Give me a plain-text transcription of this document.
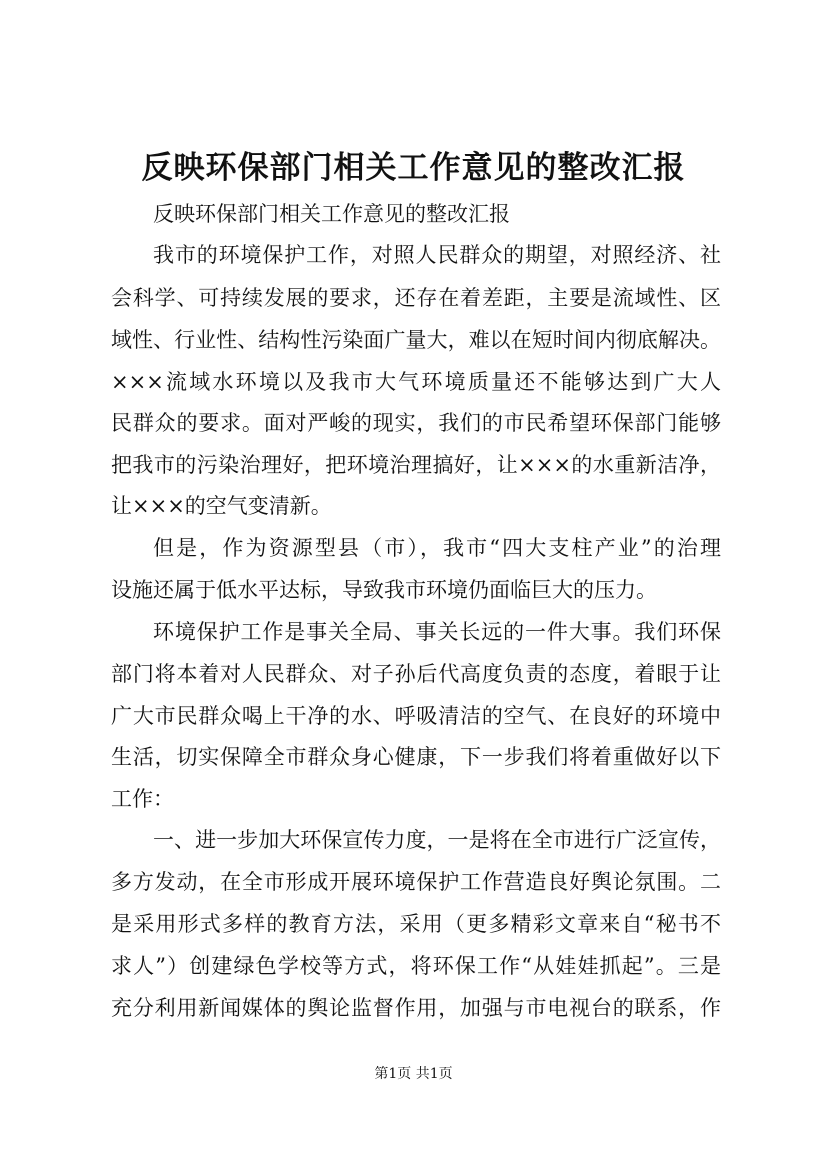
反映环保部门相关工作意见的整改汇报
反映环保部门相关工作意见的整改汇报
我市的环境保护工作，对照人民群众的期望，对照经济、社
会科学、可持续发展的要求，还存在着差距，主要是流域性、区
域性、行业性、结构性污染面广量大，难以在短时间内彻底解决。
×××流域水环境以及我市大气环境质量还不能够达到广大人
民群众的要求。面对严峻的现实，我们的市民希望环保部门能够
把我市的污染治理好，把环境治理搞好，让×××的水重新洁净，
让×××的空气变清新。
但是，作为资源型县（市），我市“四大支柱产业”的治理
设施还属于低水平达标，导致我市环境仍面临巨大的压力。
环境保护工作是事关全局、事关长远的一件大事。我们环保
部门将本着对人民群众、对子孙后代高度负责的态度，着眼于让
广大市民群众喝上干净的水、呼吸清洁的空气、在良好的环境中
生活，切实保障全市群众身心健康，下一步我们将着重做好以下
工作：
一、进一步加大环保宣传力度，一是将在全市进行广泛宣传，
多方发动，在全市形成开展环境保护工作营造良好舆论氛围。二
是采用形式多样的教育方法，采用（更多精彩文章来自“秘书不
求人”）创建绿色学校等方式，将环保工作“从娃娃抓起”。三是
充分利用新闻媒体的舆论监督作用，加强与市电视台的联系，作
第1页 共1页
